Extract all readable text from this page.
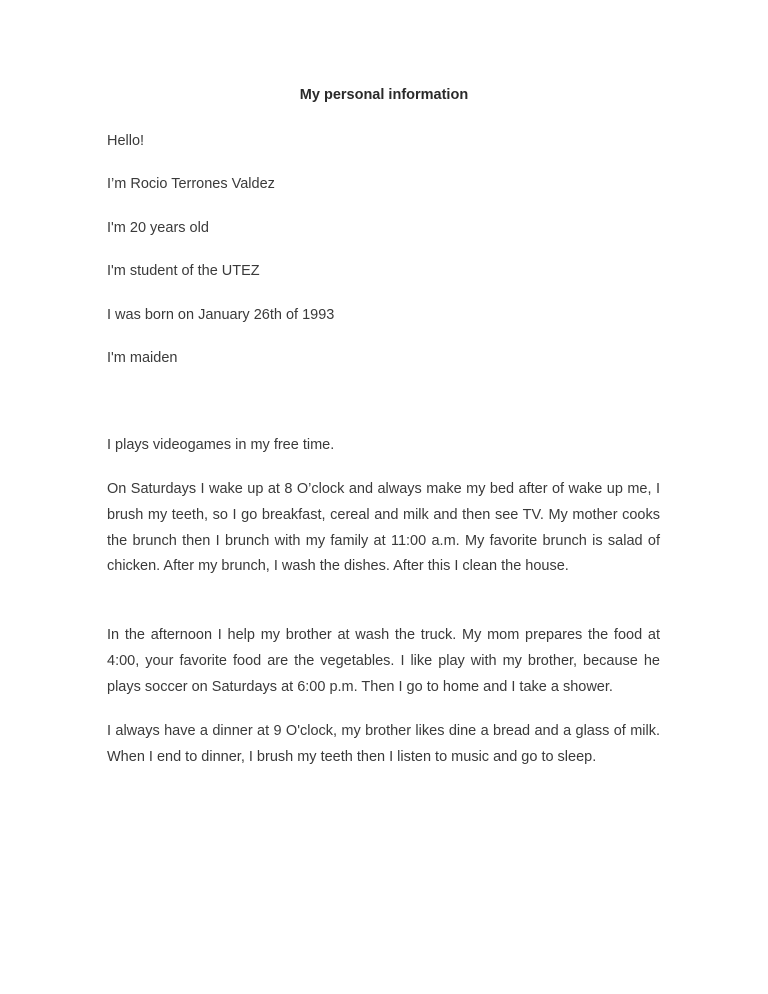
My personal information

Hello!

I’m Rocio Terrones Valdez

I'm 20 years old

I'm student of the UTEZ

I was born on January 26th of 1993

I'm maiden

I plays videogames in my free time.

On Saturdays I wake up at 8 O’clock and always make my bed after of wake up me, I brush my teeth, so I go breakfast, cereal and milk and then see TV. My mother cooks the brunch then I brunch with my family at 11:00 a.m. My favorite brunch is salad of chicken. After my brunch, I wash the dishes. After this I clean the house.

In the afternoon I help my brother at wash the truck. My mom prepares the food at 4:00, your favorite food are the vegetables. I like play with my brother, because he plays soccer on Saturdays at 6:00 p.m. Then I go to home and I take a shower.

I always have a dinner at 9 O'clock, my brother likes dine a bread and a glass of milk. When I end to dinner, I brush my teeth then I listen to music and go to sleep.
